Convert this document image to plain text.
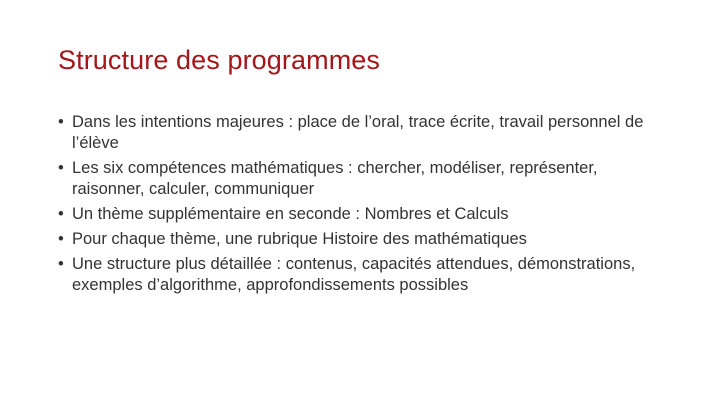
Structure des programmes
• Dans les intentions majeures : place de l’oral, trace écrite, travail personnel de l’élève
• Les six compétences mathématiques : chercher, modéliser, représenter, raisonner, calculer, communiquer
• Un thème supplémentaire en seconde : Nombres et Calculs
• Pour chaque thème, une rubrique Histoire des mathématiques
• Une structure plus détaillée : contenus, capacités attendues, démonstrations, exemples d’algorithme, approfondissements possibles
